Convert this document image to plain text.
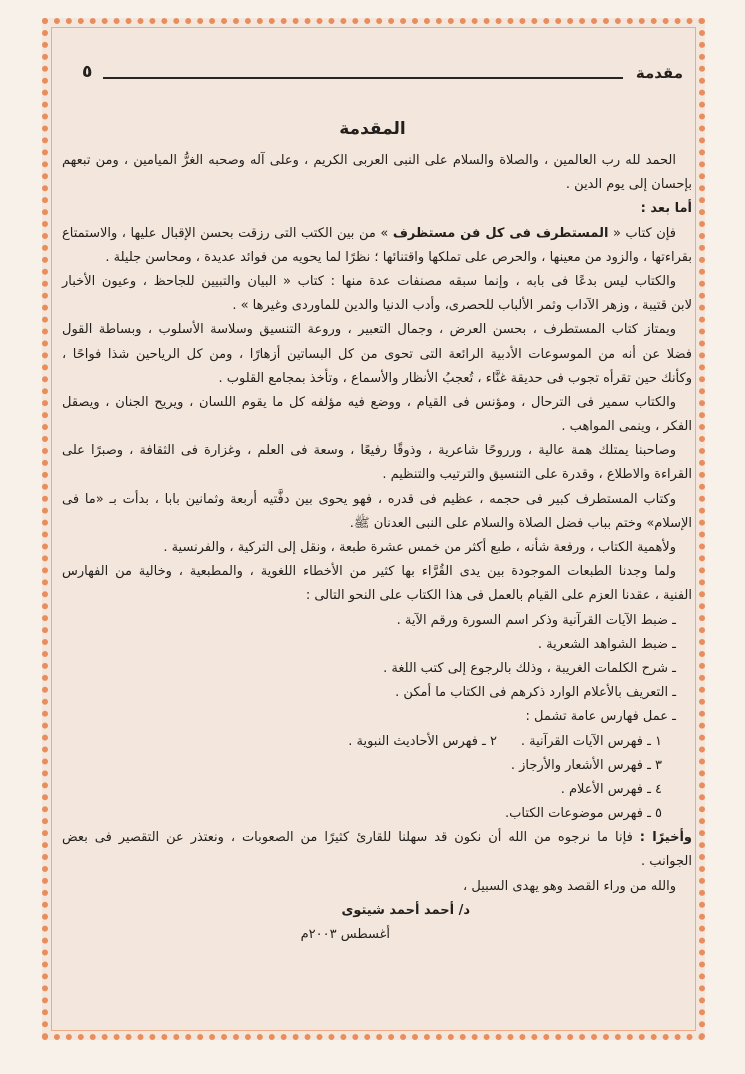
مقدمة
٥
المقدمة
الحمد لله رب العالمين ، والصلاة والسلام على النبى العربى الكريم ، وعلى آله وصحبه الغرُّ الميامين ، ومن تبعهم
بإحسان إلى يوم الدين .
أما بعد :
فإن كتاب « المستطرف فى كل فن مستظرف » من بين الكتب التى رزقت بحسن الإقبال عليها ، والاستمتاع
بقراءتها ، والزود من معينها ، والحرص على تملكها واقتنائها ؛ نظرًا لما يحويه من فوائد عديدة ، ومحاسن جليلة .
والكتاب ليس بدعًا فى بابه ، وإنما سبقه مصنفات عدة منها : كتاب « البيان والتبيين للجاحظ ، وعيون الأخبار
لابن قتيبة ، وزهر الآداب وثمر الألباب للحصرى، وأدب الدنيا والدين للماوردى وغيرها » .
ويمتاز كتاب المستطرف ، بحسن العرض ، وجمال التعبير ، وروعة التنسيق وسلاسة الأسلوب ، وبساطة القول
فضلا عن أنه من الموسوعات الأدبية الرائعة التى تحوى من كل البساتين أزهارًا ، ومن كل الرياحين شذا فواحًا ،
وكأنك حين تقرأه تجوب فى حديقة غنَّاء ، تُعجبُ الأنظار والأسماع ، وتأخذ بمجامع القلوب .
والكتاب سمير فى الترحال ، ومؤنس فى القيام ، ووضع فيه مؤلفه كل ما يقوم اللسان ، ويريح الجنان ، ويصقل
الفكر ، وينمى المواهب .
وصاحبنا يمتلك همة عالية ، ورروحًا شاعرية ، وذوقًا رفيعًا ، وسعة فى العلم ، وغزارة فى الثقافة ، وصبرًا على
القراءة والاطلاع ، وقدرة على التنسيق والترتيب والتنظيم .
وكتاب المستطرف كبير فى حجمه ، عظيم فى قدره ، فهو يحوى بين دفَّتيه أربعة وثمانين بابا ، بدأت بـ «ما فى
الإسلام» وختم بباب فضل الصلاة والسلام على النبى العدنان ﷺ.
ولأهمية الكتاب ، ورفعة شأنه ، طبع أكثر من خمس عشرة طبعة ، ونقل إلى التركية ، والفرنسية .
ولما وجدنا الطبعات الموجودة بين يدى القُرَّاء بها كثير من الأخطاء اللغوية ، والمطبعية ، وخالية من الفهارس
الفنية ، عقدنا العزم على القيام بالعمل فى هذا الكتاب على النحو التالى :
ـ ضبط الآيات القرآنية وذكر اسم السورة ورقم الآية .
ـ ضبط الشواهد الشعرية .
ـ شرح الكلمات الغريبة ، وذلك بالرجوع إلى كتب اللغة .
ـ التعريف بالأعلام الوارد ذكرهم فى الكتاب ما أمكن .
ـ عمل فهارس عامة تشمل :
١ ـ فهرس الآيات القرآنية .
٢ ـ فهرس الأحاديث النبوية .
٣ ـ فهرس الأشعار والأرجاز .
٤ ـ فهرس الأعلام .
٥ ـ فهرس موضوعات الكتاب.
وأخيرًا : فإنا ما نرجوه من الله أن نكون قد سهلنا للقارئ كثيرًا من الصعوبات ، ونعتذر عن التقصير فى بعض
الجوانب .
والله من وراء القصد وهو يهدى السبيل ،
د/ أحمد أحمد شيتوى
أغسطس ٢٠٠٣م
